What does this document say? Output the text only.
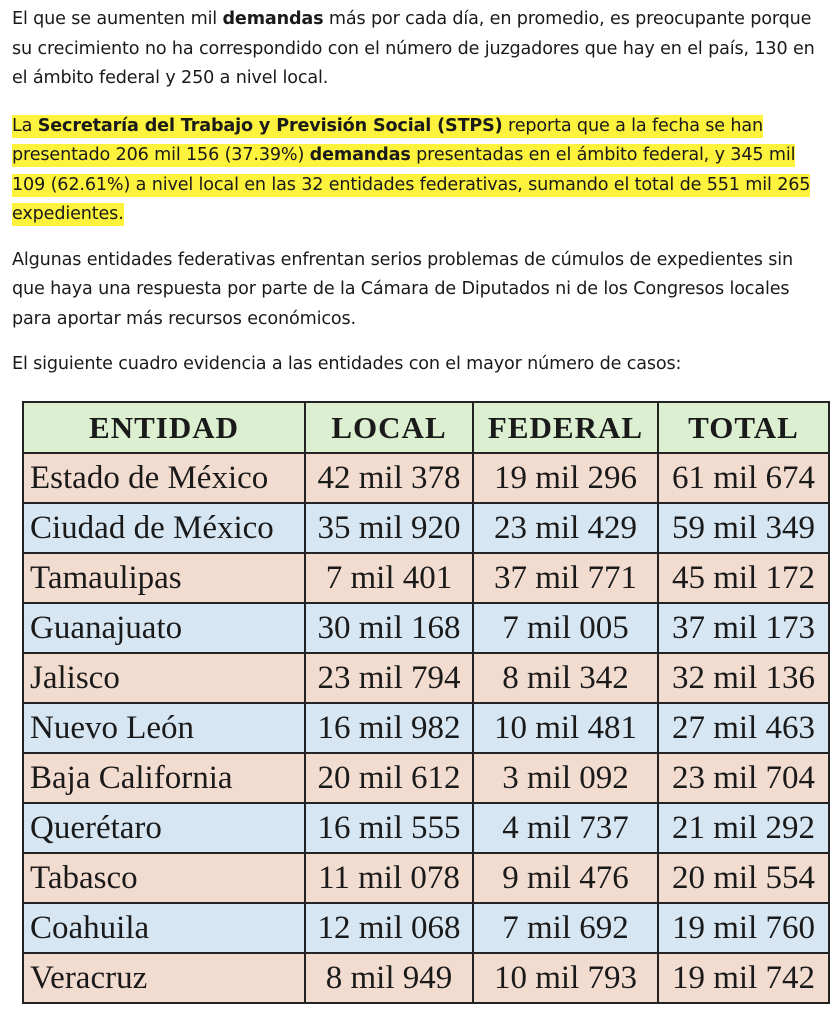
El que se aumenten mil demandas más por cada día, en promedio, es preocupante porque su crecimiento no ha correspondido con el número de juzgadores que hay en el país, 130 en el ámbito federal y 250 a nivel local.

La Secretaría del Trabajo y Previsión Social (STPS) reporta que a la fecha se han presentado 206 mil 156 (37.39%) demandas presentadas en el ámbito federal, y 345 mil 109 (62.61%) a nivel local en las 32 entidades federativas, sumando el total de 551 mil 265 expedientes.

Algunas entidades federativas enfrentan serios problemas de cúmulos de expedientes sin que haya una respuesta por parte de la Cámara de Diputados ni de los Congresos locales para aportar más recursos económicos.

El siguiente cuadro evidencia a las entidades con el mayor número de casos:

ENTIDAD	LOCAL	FEDERAL	TOTAL
Estado de México	42 mil 378	19 mil 296	61 mil 674
Ciudad de México	35 mil 920	23 mil 429	59 mil 349
Tamaulipas	7 mil 401	37 mil 771	45 mil 172
Guanajuato	30 mil 168	7 mil 005	37 mil 173
Jalisco	23 mil 794	8 mil 342	32 mil 136
Nuevo León	16 mil 982	10 mil 481	27 mil 463
Baja California	20 mil 612	3 mil 092	23 mil 704
Querétaro	16 mil 555	4 mil 737	21 mil 292
Tabasco	11 mil 078	9 mil 476	20 mil 554
Coahuila	12 mil 068	7 mil 692	19 mil 760
Veracruz	8 mil 949	10 mil 793	19 mil 742
